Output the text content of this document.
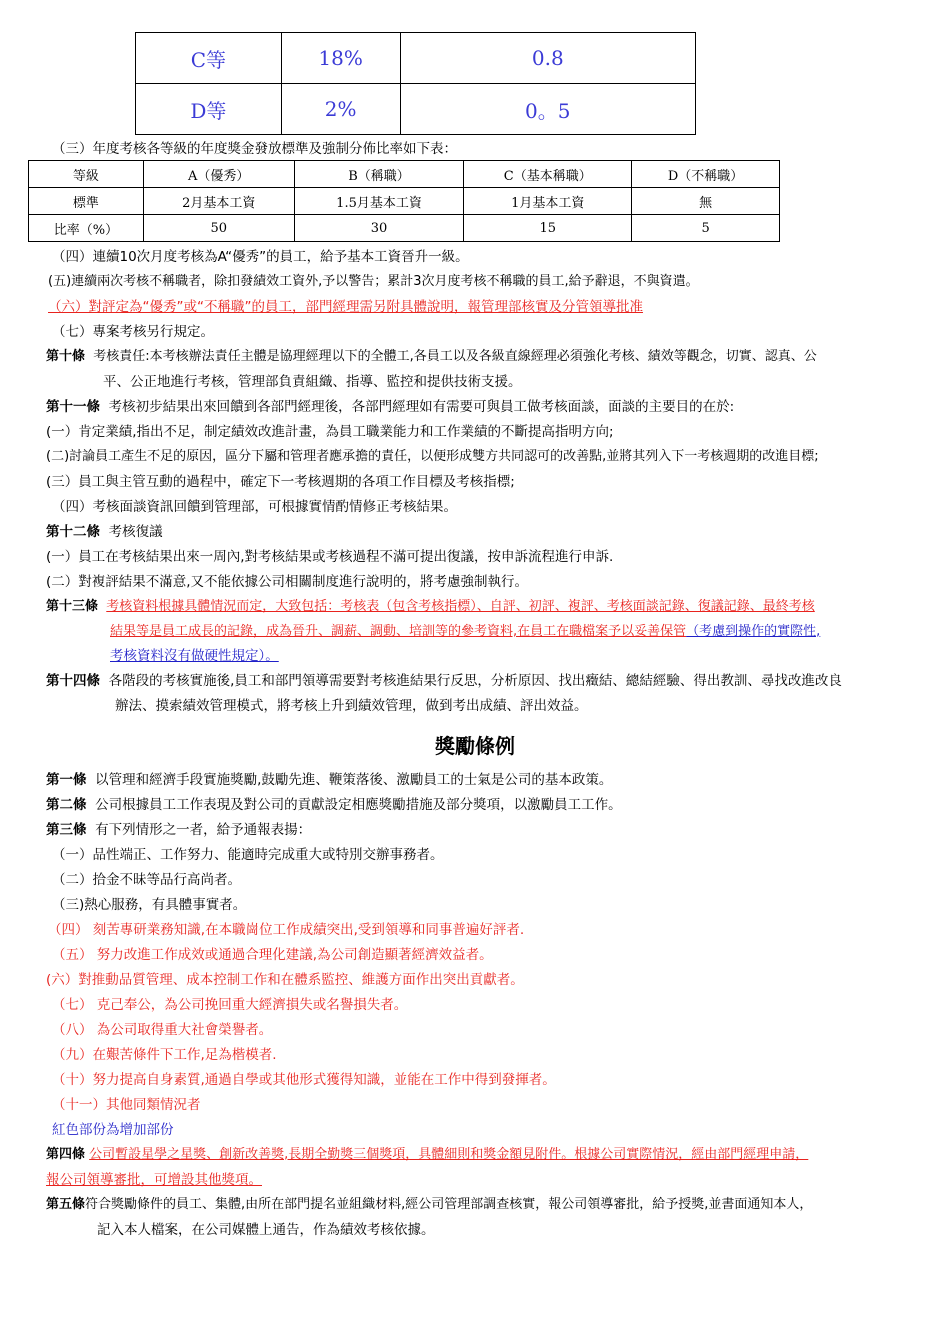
C等	18%	0.8
D等	2%	0。5
（三）年度考核各等級的年度獎金發放標準及強制分佈比率如下表：
等級	A（優秀）	B（稱職）	C（基本稱職）	D（不稱職）
標準	2月基本工資	1.5月基本工資	1月基本工資	無
比率（%）	50	30	15	5
（四）連續10次月度考核為A“優秀”的員工，給予基本工資晉升一級。
(五)連續兩次考核不稱職者，除扣發績效工資外,予以警告；累計3次月度考核不稱職的員工,給予辭退，不與資遣。
（六）對評定為“優秀”或“不稱職”的員工，部門經理需另附具體說明，報管理部核實及分管領導批准
（七）專案考核另行規定。
第十條 考核責任:本考核辦法責任主體是協理經理以下的全體工,各員工以及各級直線經理必須強化考核、績效等觀念，切實、認真、公
平、公正地進行考核，管理部負責組織、指導、監控和提供技術支援。
第十一條 考核初步結果出來回饋到各部門經理後，各部門經理如有需要可與員工做考核面談，面談的主要目的在於:
(一）肯定業績,指出不足，制定績效改進計畫，為員工職業能力和工作業績的不斷提高指明方向;
(二)討論員工產生不足的原因，區分下屬和管理者應承擔的責任，以便形成雙方共同認可的改善點,並將其列入下一考核週期的改進目標;
(三）員工與主管互動的過程中，確定下一考核週期的各項工作目標及考核指標;
（四）考核面談資訊回饋到管理部，可根據實情酌情修正考核結果。
第十二條 考核復議
(一）員工在考核結果出來一周內,對考核結果或考核過程不滿可提出復議，按申訴流程進行申訴.
(二）對複評結果不滿意,又不能依據公司相關制度進行說明的，將考慮強制執行。
第十三條 考核資料根據具體情況而定，大致包括：考核表（包含考核指標）、自評、初評、複評、考核面談記錄、復議記錄、最終考核
結果等是員工成長的記錄，成為晉升、調薪、調動、培訓等的參考資料,在員工在職檔案予以妥善保管（考慮到操作的實際性,
考核資料沒有做硬性規定）。
第十四條 各階段的考核實施後,員工和部門領導需要對考核進結果行反思，分析原因、找出癥結、總結經驗、得出教訓、尋找改進改良
辦法、摸索績效管理模式，將考核上升到績效管理，做到考出成績、評出效益。
獎勵條例
第一條 以管理和經濟手段實施獎勵,鼓勵先進、鞭策落後、激勵員工的士氣是公司的基本政策。
第二條 公司根據員工工作表現及對公司的貢獻設定相應獎勵措施及部分獎項，以激勵員工工作。
第三條 有下列情形之一者，給予通報表揚：
（一）品性端正、工作努力、能適時完成重大或特別交辦事務者。
（二）拾金不昧等品行高尚者。
（三)熱心服務，有具體事實者。
（四） 刻苦專研業務知識,在本職崗位工作成績突出,受到領導和同事普遍好評者.
（五） 努力改進工作成效或通過合理化建議,為公司創造顯著經濟效益者。
(六）對推動品質管理、成本控制工作和在體系監控、維護方面作出突出貢獻者。
（七） 克己奉公，為公司挽回重大經濟損失或名譽損失者。
（八） 為公司取得重大社會榮譽者。
（九）在艱苦條件下工作,足為楷模者.
（十）努力提高自身素質,通過自學或其他形式獲得知識，並能在工作中得到發揮者。
（十一）其他同類情況者
紅色部份為增加部份
第四條 公司暫設星學之星獎、創新改善獎,長期全勤獎三個獎項，具體細則和獎金額見附件。根據公司實際情況，經由部門經理申請，
報公司領導審批，可增設其他獎項。
第五條符合獎勵條件的員工、集體,由所在部門提名並組織材料,經公司管理部調查核實，報公司領導審批，給予授獎,並書面通知本人，
記入本人檔案，在公司媒體上通告，作為績效考核依據。
